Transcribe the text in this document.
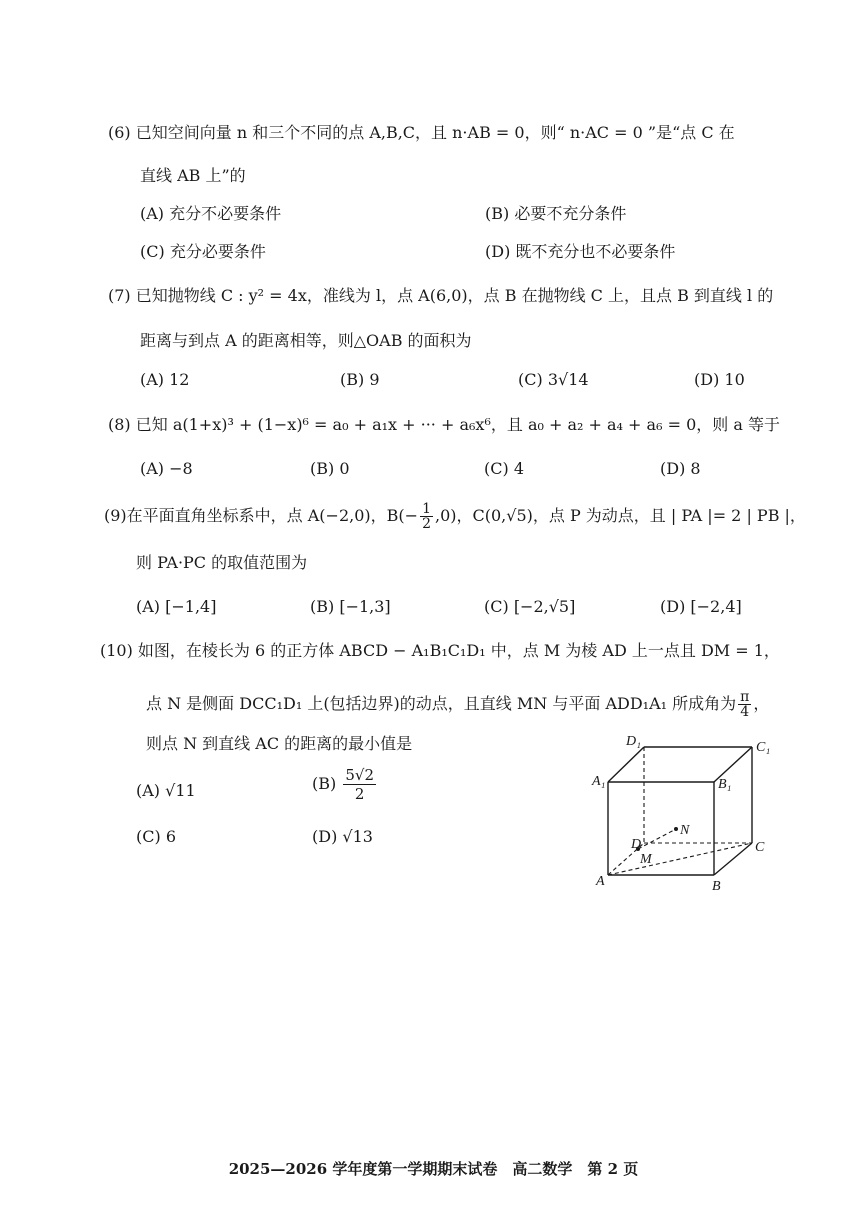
(6) 已知空间向量 n 和三个不同的点 A,B,C，且 n·AB = 0，则“ n·AC = 0 ”是“点 C 在
直线 AB 上”的
(A) 充分不必要条件	(B) 必要不充分条件
(C) 充分必要条件	(D) 既不充分也不必要条件
(7) 已知抛物线 C : y² = 4x，准线为 l，点 A(6,0)，点 B 在抛物线 C 上，且点 B 到直线 l 的
距离与到点 A 的距离相等，则△OAB 的面积为
(A) 12	(B) 9	(C) 3√14	(D) 10
(8) 已知 a(1+x)³ + (1−x)⁶ = a₀ + a₁x + ··· + a₆x⁶，且 a₀ + a₂ + a₄ + a₆ = 0，则 a 等于
(A) −8	(B) 0	(C) 4	(D) 8
(9)在平面直角坐标系中，点 A(−2,0)，$B(- \frac{1}{2} ,0)$，C(0,√5)，点 P 为动点，且 | PA |= 2 | PB |，
则 PA·PC 的取值范围为
(A) [−1,4]	(B) [−1,3]	(C) [−2,√5]	(D) [−2,4]
(10) 如图，在棱长为 6 的正方体 ABCD − A₁B₁C₁D₁ 中，点 M 为棱 AD 上一点且 DM = 1，
点 N 是侧面 DCC₁D₁ 上(包括边界)的动点，且直线 MN 与平面 ADD₁A₁ 所成角为 $\frac{\pi}{4}$ ，
则点 N 到直线 AC 的距离的最小值是
(A) √11	$(B) \frac{5√2}{2}$
(C) 6	(D) √13
D₁	C₁
A₁	B₁
N
D
M
C
A	B
2025—2026 学年度第一学期期末试卷　高二数学　第 2 页
